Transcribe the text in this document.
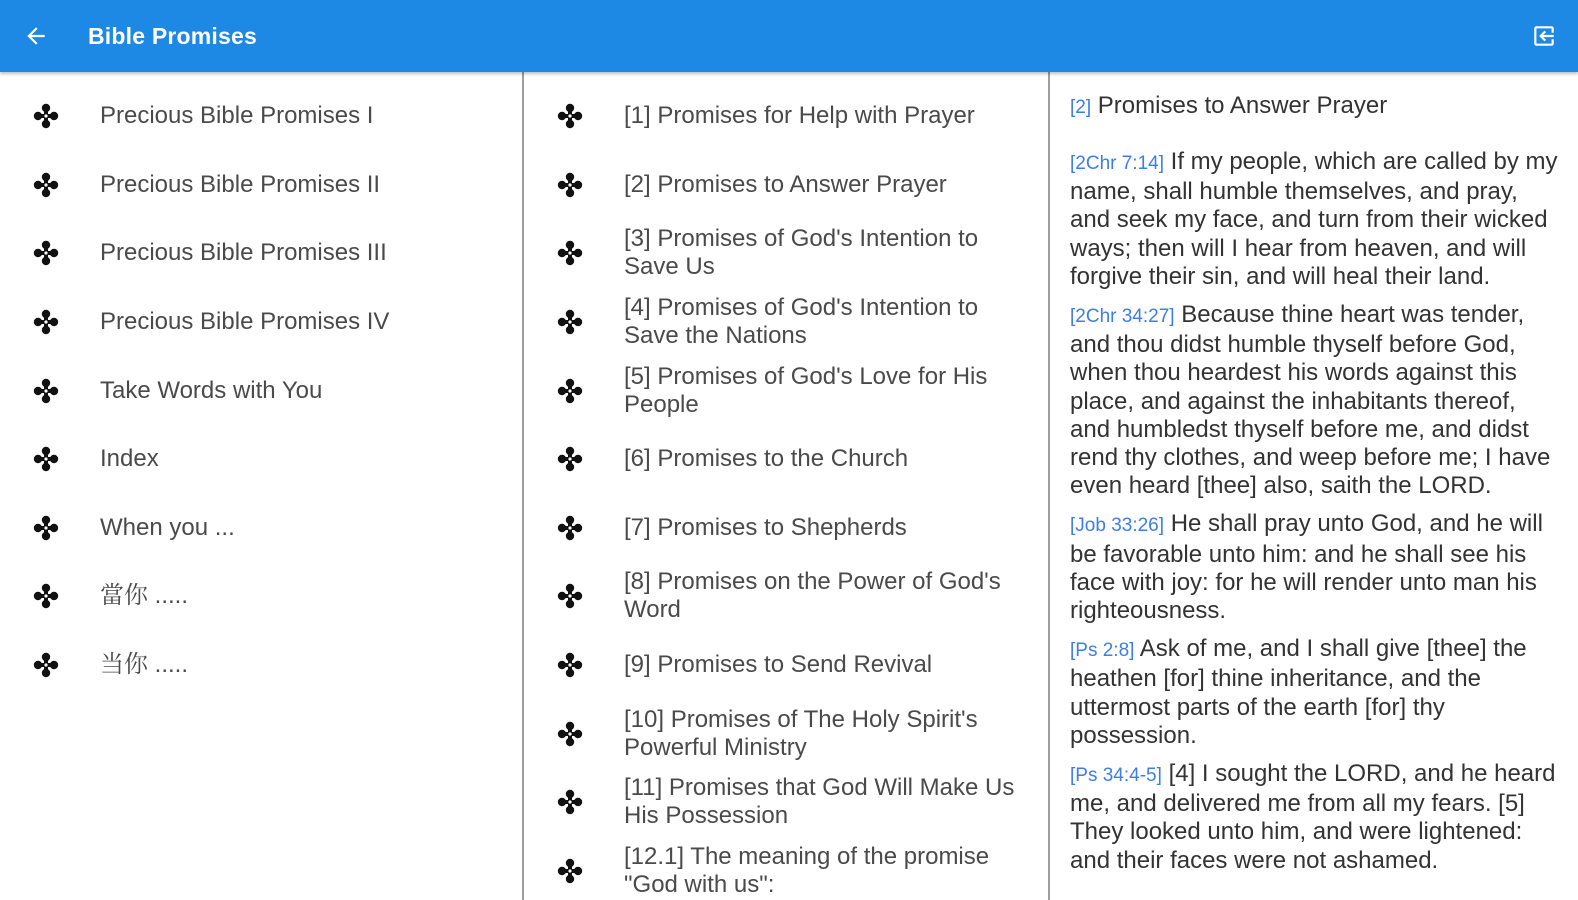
Bible Promises
Precious Bible Promises I
Precious Bible Promises II
Precious Bible Promises III
Precious Bible Promises IV
Take Words with You
Index
When you ...
當你 .....
当你 .....
[1] Promises for Help with Prayer
[2] Promises to Answer Prayer
[3] Promises of God's Intention to Save Us
[4] Promises of God's Intention to Save the Nations
[5] Promises of God's Love for His People
[6] Promises to the Church
[7] Promises to Shepherds
[8] Promises on the Power of God's Word
[9] Promises to Send Revival
[10] Promises of The Holy Spirit's Powerful Ministry
[11] Promises that God Will Make Us His Possession
[12.1] The meaning of the promise "God with us":
[2] Promises to Answer Prayer

[2Chr 7:14] If my people, which are called by my name, shall humble themselves, and pray, and seek my face, and turn from their wicked ways; then will I hear from heaven, and will forgive their sin, and will heal their land.

[2Chr 34:27] Because thine heart was tender, and thou didst humble thyself before God, when thou heardest his words against this place, and against the inhabitants thereof, and humbledst thyself before me, and didst rend thy clothes, and weep before me; I have even heard [thee] also, saith the LORD.

[Job 33:26] He shall pray unto God, and he will be favorable unto him: and he shall see his face with joy: for he will render unto man his righteousness.

[Ps 2:8] Ask of me, and I shall give [thee] the heathen [for] thine inheritance, and the uttermost parts of the earth [for] thy possession.

[Ps 34:4-5] [4] I sought the LORD, and he heard me, and delivered me from all my fears. [5] They looked unto him, and were lightened: and their faces were not ashamed.
